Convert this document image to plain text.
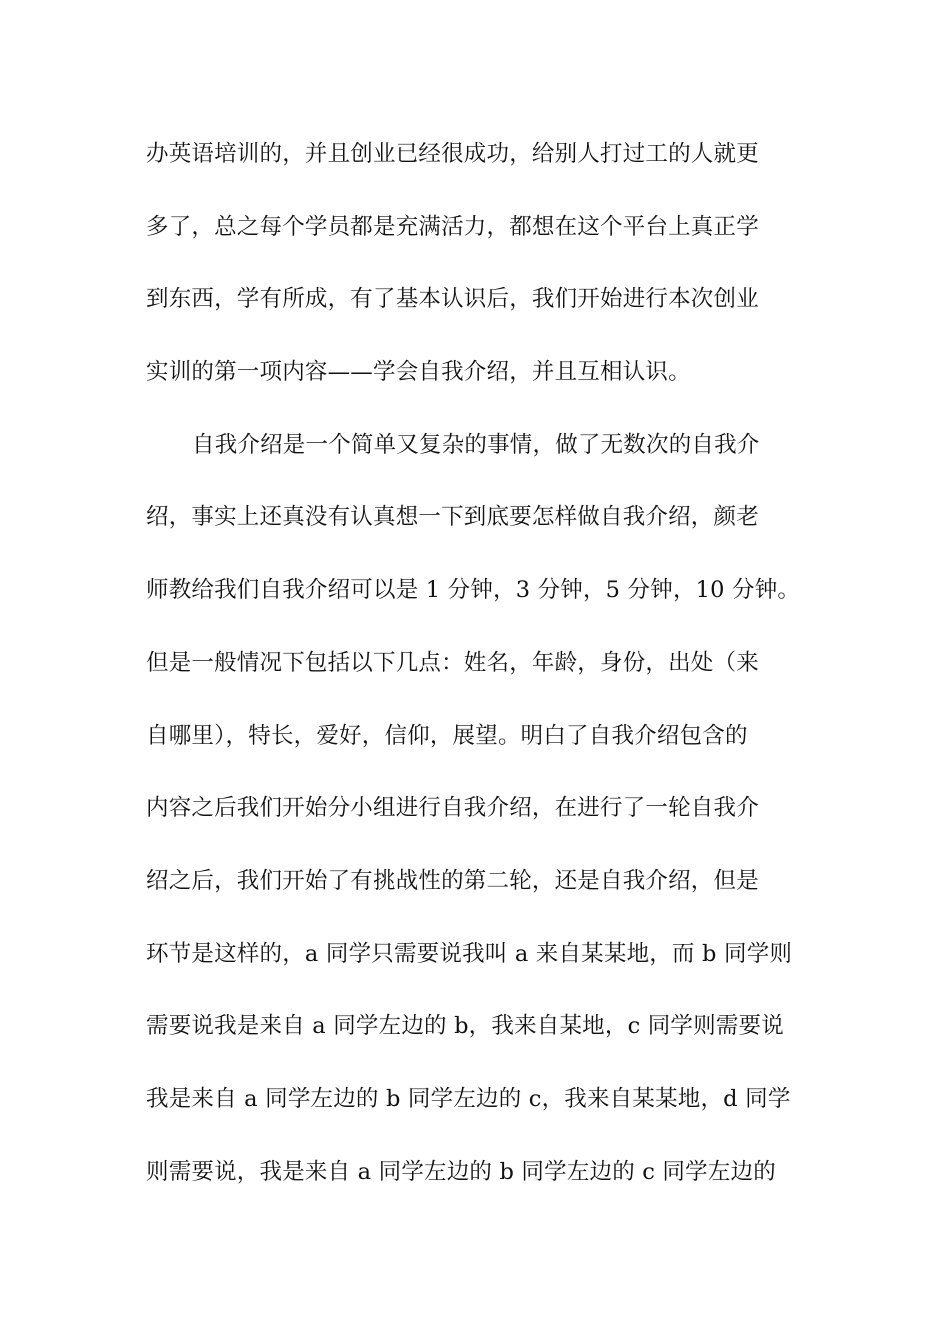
办英语培训的，并且创业已经很成功，给别人打过工的人就更
多了，总之每个学员都是充满活力，都想在这个平台上真正学
到东西，学有所成，有了基本认识后，我们开始进行本次创业
实训的第一项内容——学会自我介绍，并且互相认识。
自我介绍是一个简单又复杂的事情，做了无数次的自我介
绍，事实上还真没有认真想一下到底要怎样做自我介绍，颜老
师教给我们自我介绍可以是 1 分钟，3 分钟，5 分钟，10 分钟。
但是一般情况下包括以下几点：姓名，年龄，身份，出处（来
自哪里），特长，爱好，信仰，展望。明白了自我介绍包含的
内容之后我们开始分小组进行自我介绍，在进行了一轮自我介
绍之后，我们开始了有挑战性的第二轮，还是自我介绍，但是
环节是这样的，a 同学只需要说我叫 a 来自某某地，而 b 同学则
需要说我是来自 a 同学左边的 b，我来自某地，c 同学则需要说
我是来自 a 同学左边的 b 同学左边的 c，我来自某某地，d 同学
则需要说，我是来自 a 同学左边的 b 同学左边的 c 同学左边的
